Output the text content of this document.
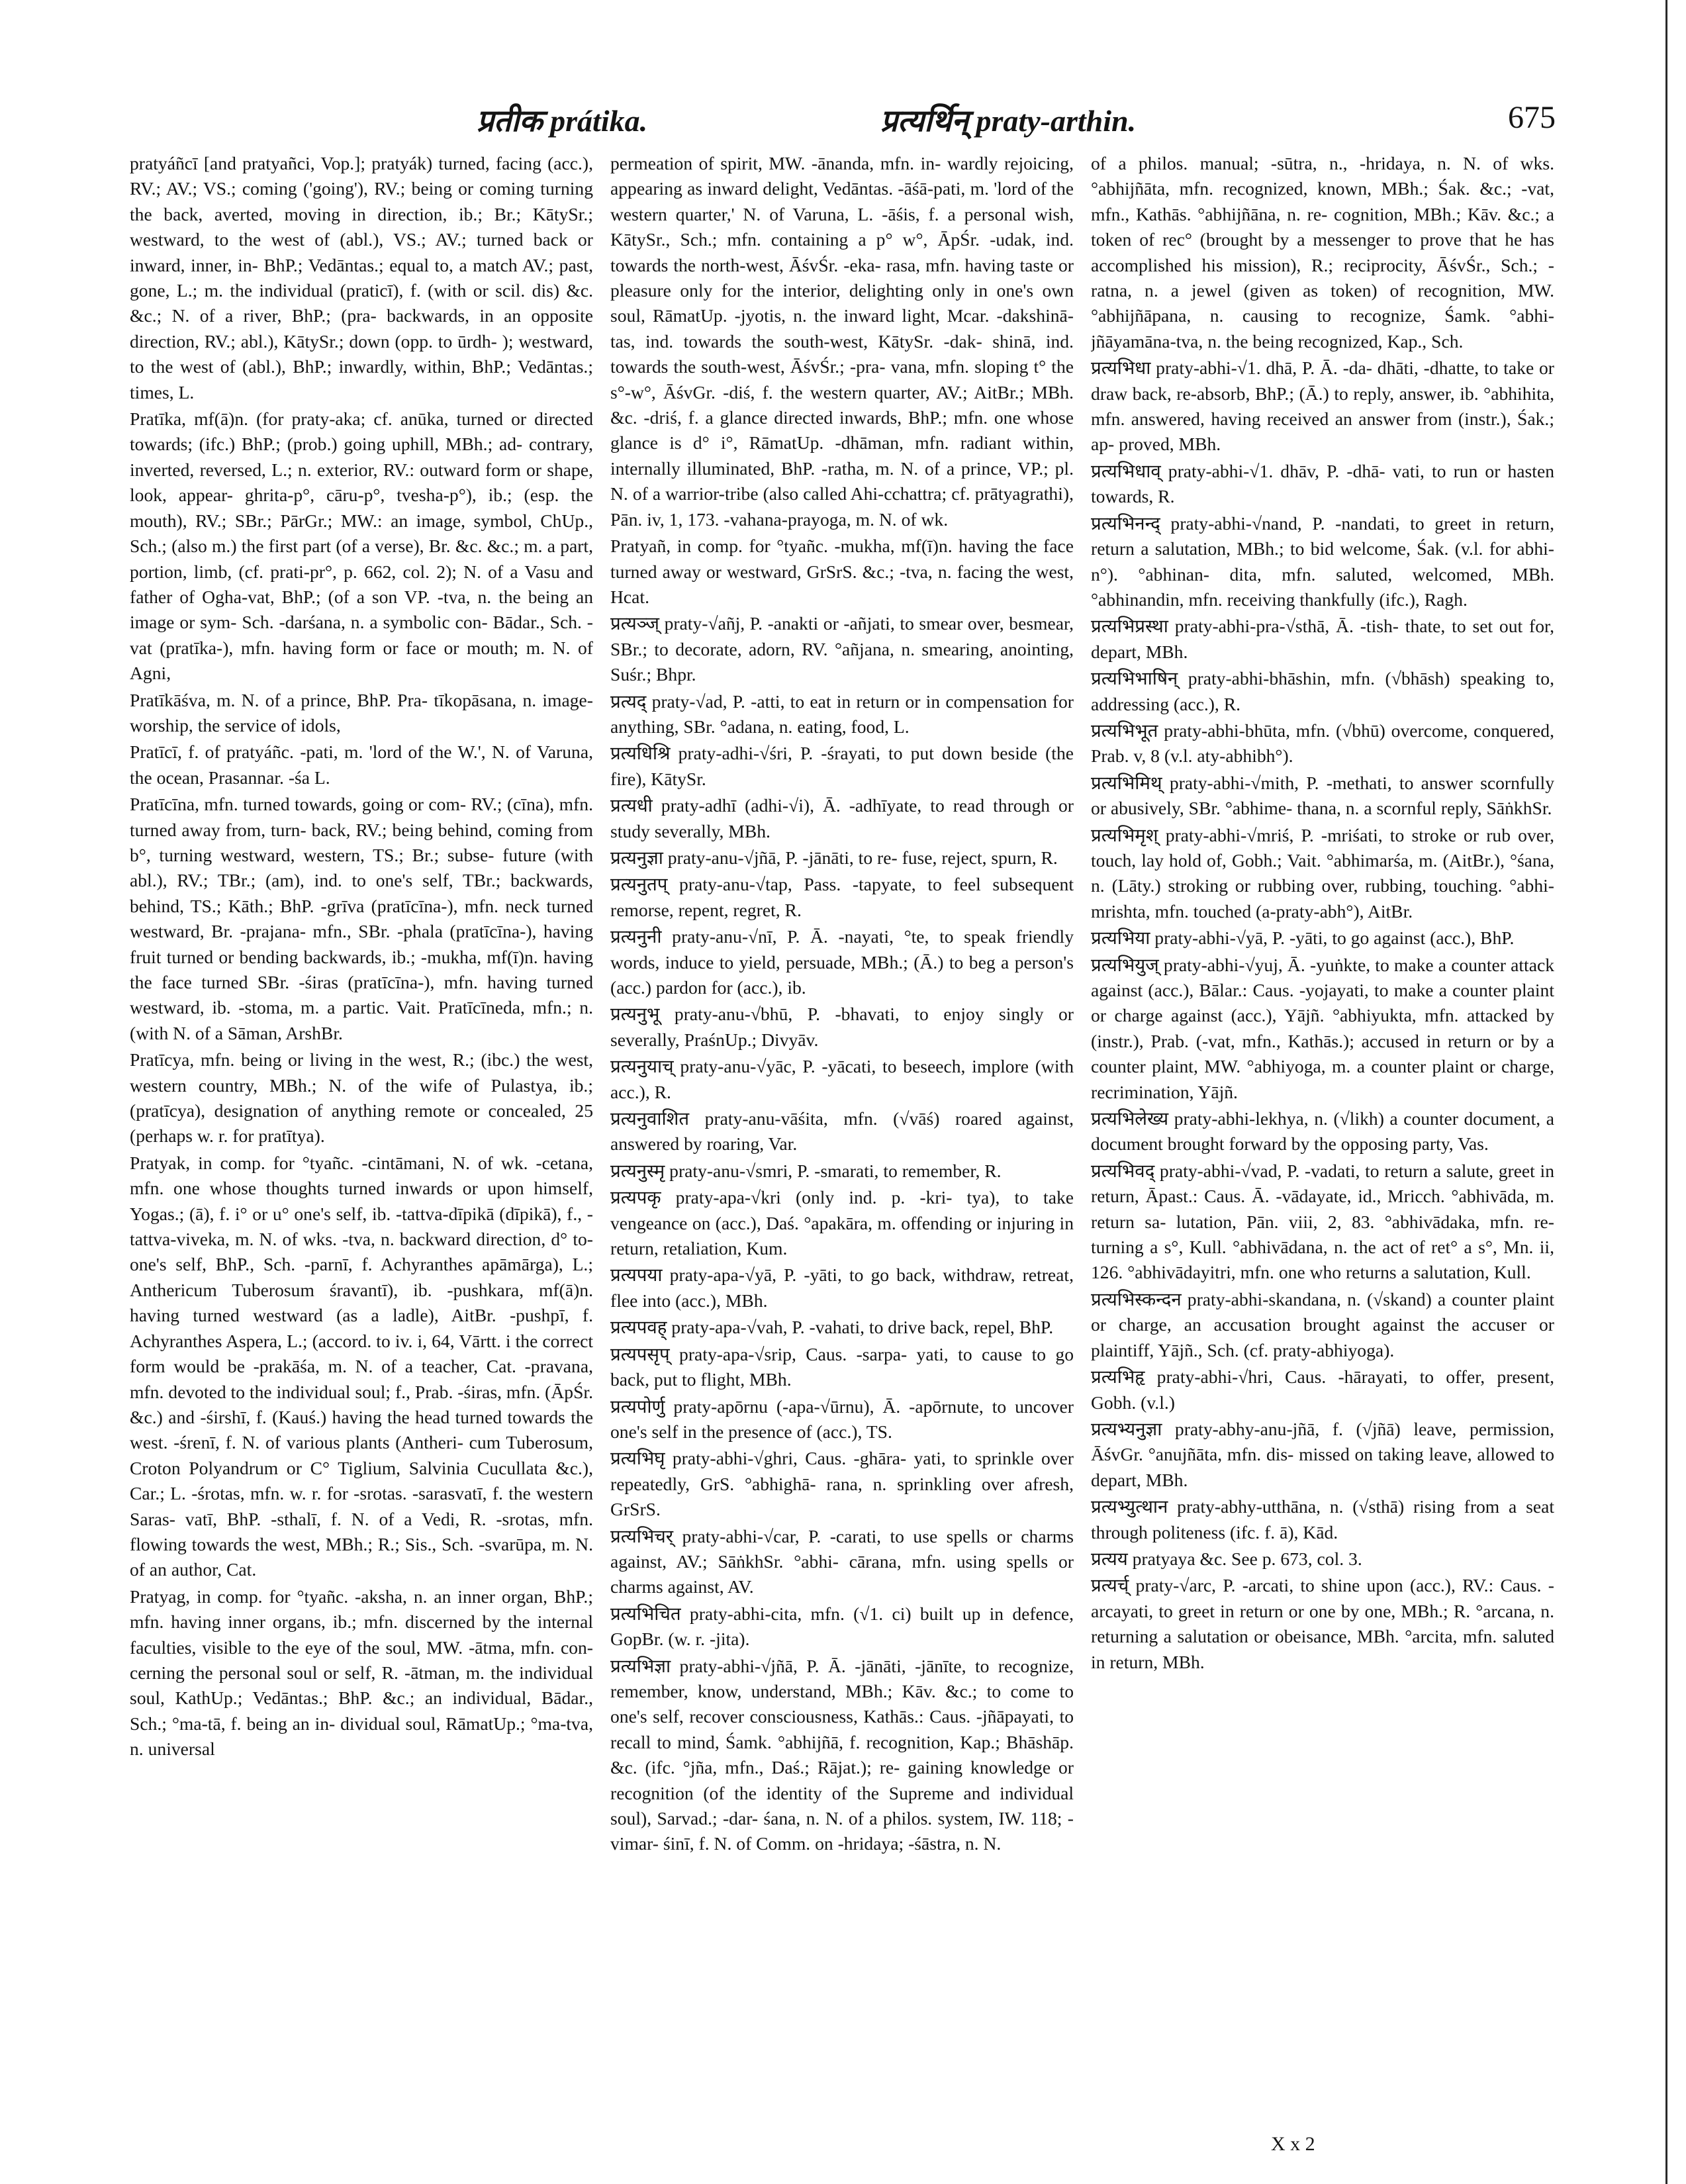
प्रतीक prátika.	प्रत्यर्थिन् praty-arthin.	675

pratyáñcī [and pratyañci, Vop.]; pratyák) turned, facing (acc.), RV.; AV.; VS.; coming ('going'), RV.; being or coming turning the back, averted, moving in direction, ib.; Br.; KātySr.; westward, to the west of (abl.), VS.; AV.; turned back or inward, inner, in- BhP.; Vedāntas.; equal to, a match AV.; past, gone, L.; m. the individual (praticī), f. (with or scil. dis) &c. &c.; N. of a river, BhP.; (pra- backwards, in an opposite direction, RV.; abl.), KātySr.; down (opp. to ūrdh- ); westward, to the west of (abl.), BhP.; inwardly, within, BhP.; Vedāntas.; times, L.

Pratīka, mf(ā)n. (for praty-aka; cf. anūka, turned or directed towards; (ifc.) BhP.; (prob.) going uphill, MBh.; ad- contrary, inverted, reversed, L.; n. exterior, RV.: outward form or shape, look, appear- ghrita-p°, cāru-p°, tvesha-p°), ib.; (esp. the mouth), RV.; SBr.; PārGr.; MW.: an image, symbol, ChUp., Sch.; (also m.) the first part (of a verse), Br. &c. &c.; m. a part, portion, limb, (cf. prati-pr°, p. 662, col. 2); N. of a Vasu and father of Ogha-vat, BhP.; (of a son VP. -tva, n. the being an image or sym- Sch. -darśana, n. a symbolic con- Bādar., Sch. -vat (pratīka-), mfn. having form or face or mouth; m. N. of Agni,

Pratīkāśva, m. N. of a prince, BhP. Pra- tīkopāsana, n. image-worship, the service of idols,

Pratīcī, f. of pratyáñc. -pati, m. 'lord of the W.', N. of Varuna, the ocean, Prasannar. -śa L.

Pratīcīna, mfn. turned towards, going or com- RV.; (cīna), mfn. turned away from, turn- back, RV.; being behind, coming from b°, turning westward, western, TS.; Br.; subse- future (with abl.), RV.; TBr.; (am), ind. to one's self, TBr.; backwards, behind, TS.; Kāth.; BhP. -grīva (pratīcīna-), mfn. neck turned westward, Br. -prajana- mfn., SBr. -phala (pratīcīna-), having fruit turned or bending backwards, ib.; -mukha, mf(ī)n. having the face turned SBr. -śiras (pratīcīna-), mfn. having turned westward, ib. -stoma, m. a partic. Vait. Pratīcīneda, mfn.; n. (with N. of a Sāman, ArshBr.

Pratīcya, mfn. being or living in the west, R.; (ibc.) the west, western country, MBh.; N. of the wife of Pulastya, ib.; (pratīcya), designation of anything remote or concealed, 25 (perhaps w. r. for pratītya).

Pratyak, in comp. for °tyañc. -cintāmani, N. of wk. -cetana, mfn. one whose thoughts turned inwards or upon himself, Yogas.; (ā), f. i° or u° one's self, ib. -tattva-dīpikā (dīpikā), f., -tattva-viveka, m. N. of wks. -tva, n. backward direction, d° to- one's self, BhP., Sch. -parnī, f. Achyranthes apāmārga), L.; Anthericum Tuberosum śravantī), ib. -pushkara, mf(ā)n. having turned westward (as a ladle), AitBr. -pushpī, f. Achyranthes Aspera, L.; (accord. to iv. i, 64, Vārtt. i the correct form would be -prakāśa, m. N. of a teacher, Cat. -pravana, mfn. devoted to the individual soul; f., Prab. -śiras, mfn. (ĀpŚr. &c.) and -śirshī, f. (Kauś.) having the head turned towards the west. -śrenī, f. N. of various plants (Antheri- cum Tuberosum, Croton Polyandrum or C° Tiglium, Salvinia Cucullata &c.), Car.; L. -śrotas, mfn. w. r. for -srotas. -sarasvatī, f. the western Saras- vatī, BhP. -sthalī, f. N. of a Vedi, R. -srotas, mfn. flowing towards the west, MBh.; R.; Sis., Sch. -svarūpa, m. N. of an author, Cat.

Pratyag, in comp. for °tyañc. -aksha, n. an inner organ, BhP.; mfn. having inner organs, ib.; mfn. discerned by the internal faculties, visible to the eye of the soul, MW. -ātma, mfn. con- cerning the personal soul or self, R. -ātman, m. the individual soul, KathUp.; Vedāntas.; BhP. &c.; an individual, Bādar., Sch.; °ma-tā, f. being an in- dividual soul, RāmatUp.; °ma-tva, n. universal

permeation of spirit, MW. -ānanda, mfn. in- wardly rejoicing, appearing as inward delight, Vedāntas. -āśā-pati, m. 'lord of the western quarter,' N. of Varuna, L. -āśis, f. a personal wish, KātySr., Sch.; mfn. containing a p° w°, ĀpŚr. -udak, ind. towards the north-west, ĀśvŚr. -eka- rasa, mfn. having taste or pleasure only for the interior, delighting only in one's own soul, RāmatUp. -jyotis, n. the inward light, Mcar. -dakshinā- tas, ind. towards the south-west, KātySr. -dak- shinā, ind. towards the south-west, ĀśvŚr.; -pra- vana, mfn. sloping t° the s°-w°, ĀśvGr. -diś, f. the western quarter, AV.; AitBr.; MBh. &c. -driś, f. a glance directed inwards, BhP.; mfn. one whose glance is d° i°, RāmatUp. -dhāman, mfn. radiant within, internally illuminated, BhP. -ratha, m. N. of a prince, VP.; pl. N. of a warrior-tribe (also called Ahi-cchattra; cf. prātyagrathi), Pān. iv, 1, 173. -vahana-prayoga, m. N. of wk.

Pratyañ, in comp. for °tyañc. -mukha, mf(ī)n. having the face turned away or westward, GrSrS. &c.; -tva, n. facing the west, Hcat.

प्रत्यञ्ज् praty-√añj, P. -anakti or -añjati, to smear over, besmear, SBr.; to decorate, adorn, RV. °añjana, n. smearing, anointing, Suśr.; Bhpr.

प्रत्यद् praty-√ad, P. -atti, to eat in return or in compensation for anything, SBr. °adana, n. eating, food, L.

प्रत्यधिश्रि praty-adhi-√śri, P. -śrayati, to put down beside (the fire), KātySr.

प्रत्यधी praty-adhī (adhi-√i), Ā. -adhīyate, to read through or study severally, MBh.

प्रत्यनुज्ञा praty-anu-√jñā, P. -jānāti, to re- fuse, reject, spurn, R.

प्रत्यनुतप् praty-anu-√tap, Pass. -tapyate, to feel subsequent remorse, repent, regret, R.

प्रत्यनुनी praty-anu-√nī, P. Ā. -nayati, °te, to speak friendly words, induce to yield, persuade, MBh.; (Ā.) to beg a person's (acc.) pardon for (acc.), ib.

प्रत्यनुभू praty-anu-√bhū, P. -bhavati, to enjoy singly or severally, PraśnUp.; Divyāv.

प्रत्यनुयाच् praty-anu-√yāc, P. -yācati, to beseech, implore (with acc.), R.

प्रत्यनुवाशित praty-anu-vāśita, mfn. (√vāś) roared against, answered by roaring, Var.

प्रत्यनुस्मृ praty-anu-√smri, P. -smarati, to remember, R.

प्रत्यपकृ praty-apa-√kri (only ind. p. -kri- tya), to take vengeance on (acc.), Daś. °apakāra, m. offending or injuring in return, retaliation, Kum.

प्रत्यपया praty-apa-√yā, P. -yāti, to go back, withdraw, retreat, flee into (acc.), MBh.

प्रत्यपवह् praty-apa-√vah, P. -vahati, to drive back, repel, BhP.

प्रत्यपसृप् praty-apa-√srip, Caus. -sarpa- yati, to cause to go back, put to flight, MBh.

प्रत्यपोर्णु praty-apōrnu (-apa-√ūrnu), Ā. -apōrnute, to uncover one's self in the presence of (acc.), TS.

प्रत्यभिघृ praty-abhi-√ghri, Caus. -ghāra- yati, to sprinkle over repeatedly, GrS. °abhighā- rana, n. sprinkling over afresh, GrSrS.

प्रत्यभिचर् praty-abhi-√car, P. -carati, to use spells or charms against, AV.; SāṅkhSr. °abhi- cārana, mfn. using spells or charms against, AV.

प्रत्यभिचित praty-abhi-cita, mfn. (√1. ci) built up in defence, GopBr. (w. r. -jita).

प्रत्यभिज्ञा praty-abhi-√jñā, P. Ā. -jānāti, -jānīte, to recognize, remember, know, understand, MBh.; Kāv. &c.; to come to one's self, recover consciousness, Kathās.: Caus. -jñāpayati, to recall to mind, Śamk. °abhijñā, f. recognition, Kap.; Bhāshāp. &c. (ifc. °jña, mfn., Daś.; Rājat.); re- gaining knowledge or recognition (of the identity of the Supreme and individual soul), Sarvad.; -dar- śana, n. N. of a philos. system, IW. 118; -vimar- śinī, f. N. of Comm. on -hridaya; -śāstra, n. N.

of a philos. manual; -sūtra, n., -hridaya, n. N. of wks. °abhijñāta, mfn. recognized, known, MBh.; Śak. &c.; -vat, mfn., Kathās. °abhijñāna, n. re- cognition, MBh.; Kāv. &c.; a token of rec° (brought by a messenger to prove that he has accomplished his mission), R.; reciprocity, ĀśvŚr., Sch.; -ratna, n. a jewel (given as token) of recognition, MW. °abhijñāpana, n. causing to recognize, Śamk. °abhi- jñāyamāna-tva, n. the being recognized, Kap., Sch.

प्रत्यभिधा praty-abhi-√1. dhā, P. Ā. -da- dhāti, -dhatte, to take or draw back, re-absorb, BhP.; (Ā.) to reply, answer, ib. °abhihita, mfn. answered, having received an answer from (instr.), Śak.; ap- proved, MBh.

प्रत्यभिधाव् praty-abhi-√1. dhāv, P. -dhā- vati, to run or hasten towards, R.

प्रत्यभिनन्द् praty-abhi-√nand, P. -nandati, to greet in return, return a salutation, MBh.; to bid welcome, Śak. (v.l. for abhi-n°). °abhinan- dita, mfn. saluted, welcomed, MBh. °abhinandin, mfn. receiving thankfully (ifc.), Ragh.

प्रत्यभिप्रस्था praty-abhi-pra-√sthā, Ā. -tish- thate, to set out for, depart, MBh.

प्रत्यभिभाषिन् praty-abhi-bhāshin, mfn. (√bhāsh) speaking to, addressing (acc.), R.

प्रत्यभिभूत praty-abhi-bhūta, mfn. (√bhū) overcome, conquered, Prab. v, 8 (v.l. aty-abhibh°).

प्रत्यभिमिथ् praty-abhi-√mith, P. -methati, to answer scornfully or abusively, SBr. °abhime- thana, n. a scornful reply, SāṅkhSr.

प्रत्यभिमृश् praty-abhi-√mriś, P. -mriśati, to stroke or rub over, touch, lay hold of, Gobh.; Vait. °abhimarśa, m. (AitBr.), °śana, n. (Lāty.) stroking or rubbing over, rubbing, touching. °abhi- mrishta, mfn. touched (a-praty-abh°), AitBr.

प्रत्यभिया praty-abhi-√yā, P. -yāti, to go against (acc.), BhP.

प्रत्यभियुज् praty-abhi-√yuj, Ā. -yuṅkte, to make a counter attack against (acc.), Bālar.: Caus. -yojayati, to make a counter plaint or charge against (acc.), Yājñ. °abhiyukta, mfn. attacked by (instr.), Prab. (-vat, mfn., Kathās.); accused in return or by a counter plaint, MW. °abhiyoga, m. a counter plaint or charge, recrimination, Yājñ.

प्रत्यभिलेख्य praty-abhi-lekhya, n. (√likh) a counter document, a document brought forward by the opposing party, Vas.

प्रत्यभिवद् praty-abhi-√vad, P. -vadati, to return a salute, greet in return, Āpast.: Caus. Ā. -vādayate, id., Mricch. °abhivāda, m. return sa- lutation, Pān. viii, 2, 83. °abhivādaka, mfn. re- turning a s°, Kull. °abhivādana, n. the act of ret° a s°, Mn. ii, 126. °abhivādayitri, mfn. one who returns a salutation, Kull.

प्रत्यभिस्कन्दन praty-abhi-skandana, n. (√skand) a counter plaint or charge, an accusation brought against the accuser or plaintiff, Yājñ., Sch. (cf. praty-abhiyoga).

प्रत्यभिहृ praty-abhi-√hri, Caus. -hārayati, to offer, present, Gobh. (v.l.)

प्रत्यभ्यनुज्ञा praty-abhy-anu-jñā, f. (√jñā) leave, permission, ĀśvGr. °anujñāta, mfn. dis- missed on taking leave, allowed to depart, MBh.

प्रत्यभ्युत्थान praty-abhy-utthāna, n. (√sthā) rising from a seat through politeness (ifc. f. ā), Kād.

प्रत्यय pratyaya &c. See p. 673, col. 3.

प्रत्यर्च् praty-√arc, P. -arcati, to shine upon (acc.), RV.: Caus. -arcayati, to greet in return or one by one, MBh.; R. °arcana, n. returning a salutation or obeisance, MBh. °arcita, mfn. saluted in return, MBh.

X x 2
